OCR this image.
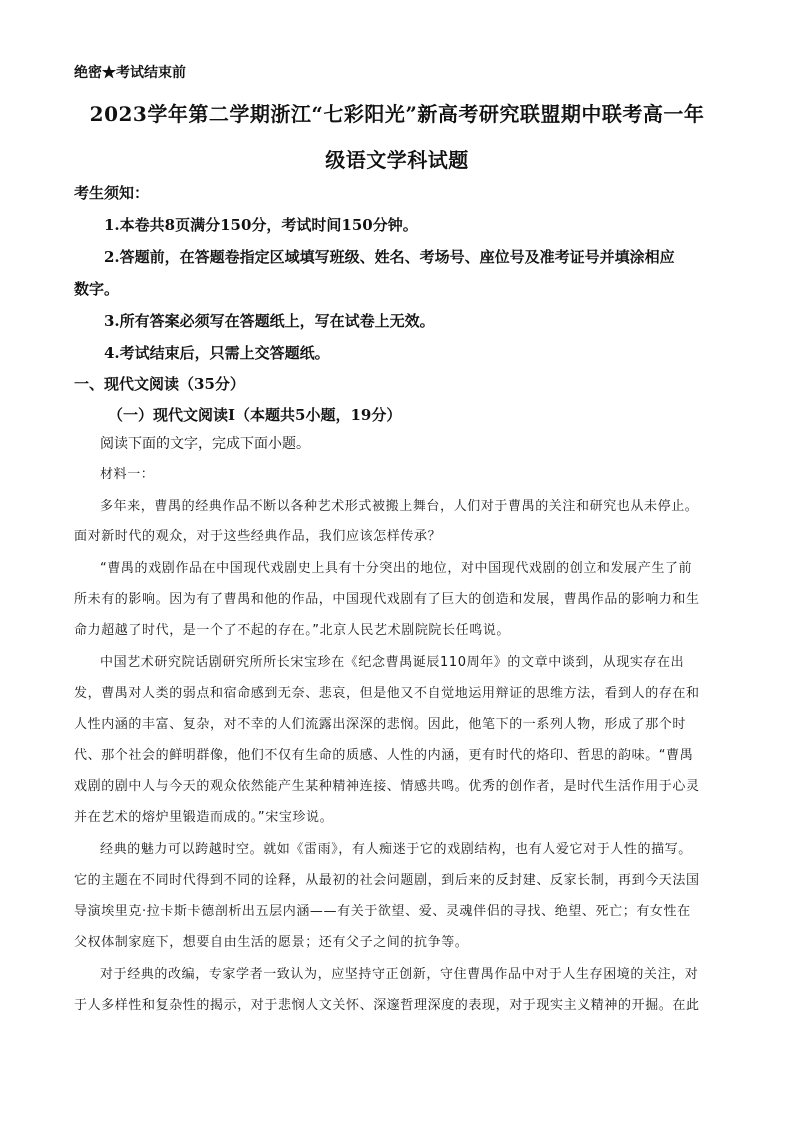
绝密★考试结束前
2023学年第二学期浙江“七彩阳光”新高考研究联盟期中联考高一年
级语文学科试题
考生须知：
1.本卷共8页满分150分，考试时间150分钟。
2.答题前，在答题卷指定区域填写班级、姓名、考场号、座位号及准考证号并填涂相应
数字。
3.所有答案必须写在答题纸上，写在试卷上无效。
4.考试结束后，只需上交答题纸。
一、现代文阅读（35分）
（一）现代文阅读Ⅰ（本题共5小题，19分）
阅读下面的文字，完成下面小题。
材料一：
多年来，曹禺的经典作品不断以各种艺术形式被搬上舞台，人们对于曹禺的关注和研究也从未停止。
面对新时代的观众，对于这些经典作品，我们应该怎样传承？
“曹禺的戏剧作品在中国现代戏剧史上具有十分突出的地位，对中国现代戏剧的创立和发展产生了前
所未有的影响。因为有了曹禺和他的作品，中国现代戏剧有了巨大的创造和发展，曹禺作品的影响力和生
命力超越了时代，是一个了不起的存在。”北京人民艺术剧院院长任鸣说。
中国艺术研究院话剧研究所所长宋宝珍在《纪念曹禺诞辰110周年》的文章中谈到，从现实存在出
发，曹禺对人类的弱点和宿命感到无奈、悲哀，但是他又不自觉地运用辩证的思维方法，看到人的存在和
人性内涵的丰富、复杂，对不幸的人们流露出深深的悲悯。因此，他笔下的一系列人物，形成了那个时
代、那个社会的鲜明群像，他们不仅有生命的质感、人性的内涵，更有时代的烙印、哲思的韵味。“曹禺
戏剧的剧中人与今天的观众依然能产生某种精神连接、情感共鸣。优秀的创作者，是时代生活作用于心灵
并在艺术的熔炉里锻造而成的。”宋宝珍说。
经典的魅力可以跨越时空。就如《雷雨》，有人痴迷于它的戏剧结构，也有人爱它对于人性的描写。
它的主题在不同时代得到不同的诠释，从最初的社会问题剧，到后来的反封建、反家长制，再到今天法国
导演埃里克·拉卡斯卡德剖析出五层内涵——有关于欲望、爱、灵魂伴侣的寻找、绝望、死亡；有女性在
父权体制家庭下，想要自由生活的愿景；还有父子之间的抗争等。
对于经典的改编，专家学者一致认为，应坚持守正创新，守住曹禺作品中对于人生存困境的关注，对
于人多样性和复杂性的揭示，对于悲悯人文关怀、深邃哲理深度的表现，对于现实主义精神的开掘。在此
